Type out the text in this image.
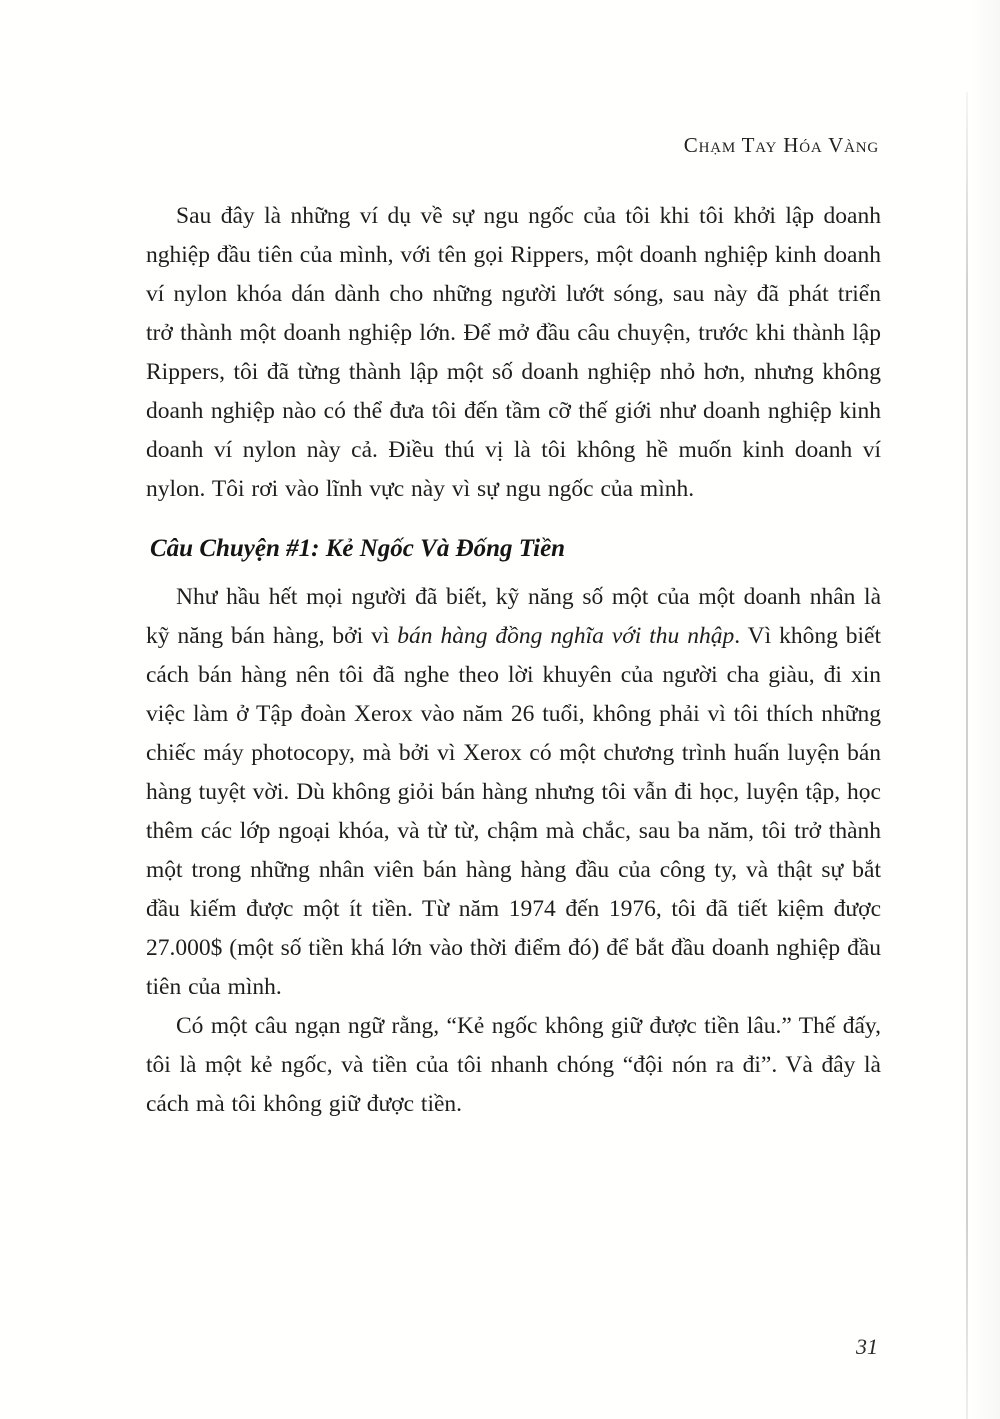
Chạm Tay Hóa Vàng

Sau đây là những ví dụ về sự ngu ngốc của tôi khi tôi khởi lập doanh nghiệp đầu tiên của mình, với tên gọi Rippers, một doanh nghiệp kinh doanh ví nylon khóa dán dành cho những người lướt sóng, sau này đã phát triển trở thành một doanh nghiệp lớn. Để mở đầu câu chuyện, trước khi thành lập Rippers, tôi đã từng thành lập một số doanh nghiệp nhỏ hơn, nhưng không doanh nghiệp nào có thể đưa tôi đến tầm cỡ thế giới như doanh nghiệp kinh doanh ví nylon này cả. Điều thú vị là tôi không hề muốn kinh doanh ví nylon. Tôi rơi vào lĩnh vực này vì sự ngu ngốc của mình.

Câu Chuyện #1: Kẻ Ngốc Và Đống Tiền

Như hầu hết mọi người đã biết, kỹ năng số một của một doanh nhân là kỹ năng bán hàng, bởi vì bán hàng đồng nghĩa với thu nhập. Vì không biết cách bán hàng nên tôi đã nghe theo lời khuyên của người cha giàu, đi xin việc làm ở Tập đoàn Xerox vào năm 26 tuổi, không phải vì tôi thích những chiếc máy photocopy, mà bởi vì Xerox có một chương trình huấn luyện bán hàng tuyệt vời. Dù không giỏi bán hàng nhưng tôi vẫn đi học, luyện tập, học thêm các lớp ngoại khóa, và từ từ, chậm mà chắc, sau ba năm, tôi trở thành một trong những nhân viên bán hàng hàng đầu của công ty, và thật sự bắt đầu kiếm được một ít tiền. Từ năm 1974 đến 1976, tôi đã tiết kiệm được 27.000$ (một số tiền khá lớn vào thời điểm đó) để bắt đầu doanh nghiệp đầu tiên của mình.

Có một câu ngạn ngữ rằng, “Kẻ ngốc không giữ được tiền lâu.” Thế đấy, tôi là một kẻ ngốc, và tiền của tôi nhanh chóng “đội nón ra đi”. Và đây là cách mà tôi không giữ được tiền.

31
